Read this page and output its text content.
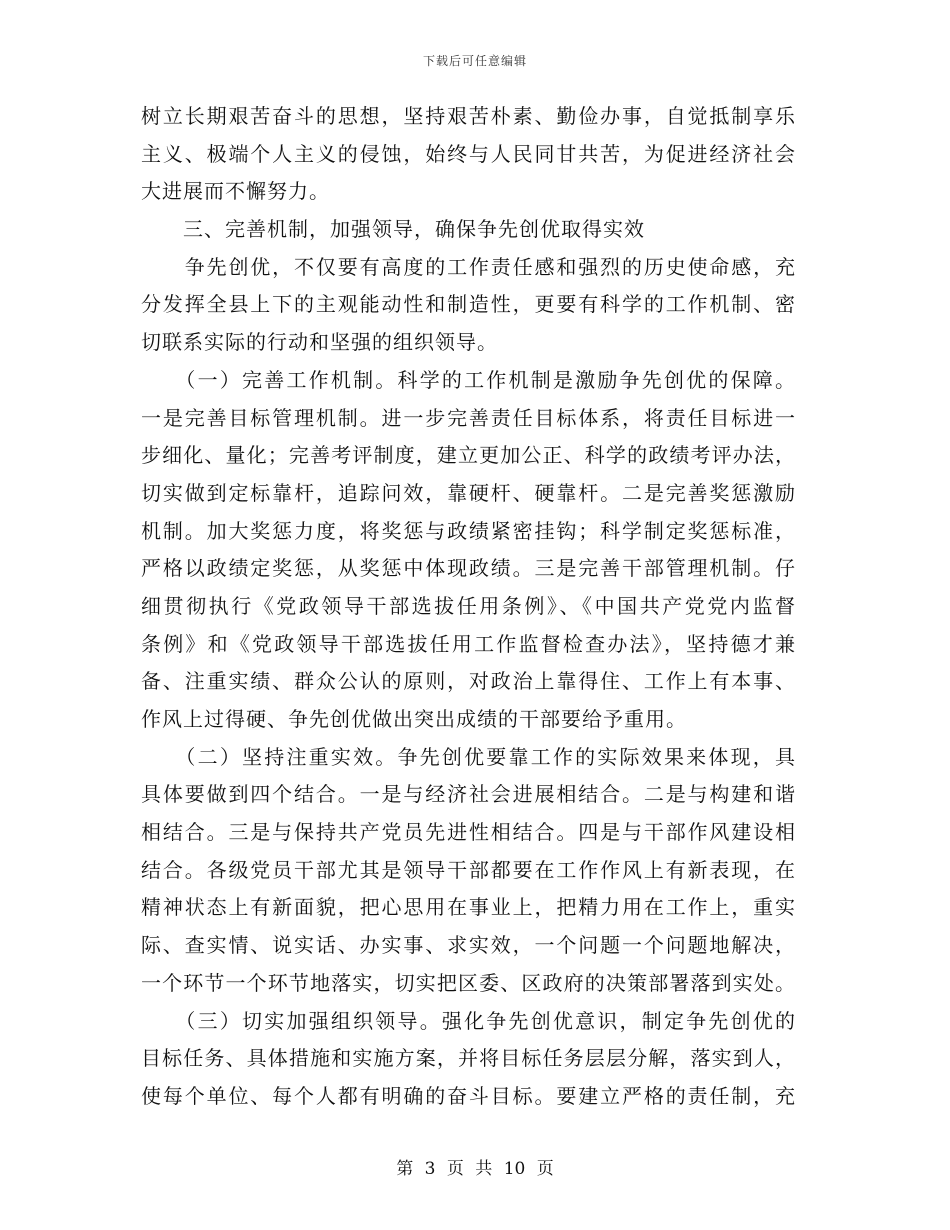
下载后可任意编辑
树立长期艰苦奋斗的思想，坚持艰苦朴素、勤俭办事，自觉抵制享乐
主义、极端个人主义的侵蚀，始终与人民同甘共苦，为促进经济社会
大进展而不懈努力。
　　三、完善机制，加强领导，确保争先创优取得实效
　　争先创优，不仅要有高度的工作责任感和强烈的历史使命感，充
分发挥全县上下的主观能动性和制造性，更要有科学的工作机制、密
切联系实际的行动和坚强的组织领导。
　　（一）完善工作机制。科学的工作机制是激励争先创优的保障。
一是完善目标管理机制。进一步完善责任目标体系，将责任目标进一
步细化、量化；完善考评制度，建立更加公正、科学的政绩考评办法，
切实做到定标靠杆，追踪问效，靠硬杆、硬靠杆。二是完善奖惩激励
机制。加大奖惩力度，将奖惩与政绩紧密挂钩；科学制定奖惩标准，
严格以政绩定奖惩，从奖惩中体现政绩。三是完善干部管理机制。仔
细贯彻执行《党政领导干部选拔任用条例》、《中国共产党党内监督
条例》和《党政领导干部选拔任用工作监督检查办法》，坚持德才兼
备、注重实绩、群众公认的原则，对政治上靠得住、工作上有本事、
作风上过得硬、争先创优做出突出成绩的干部要给予重用。
　　（二）坚持注重实效。争先创优要靠工作的实际效果来体现，具
具体要做到四个结合。一是与经济社会进展相结合。二是与构建和谐
相结合。三是与保持共产党员先进性相结合。四是与干部作风建设相
结合。各级党员干部尤其是领导干部都要在工作作风上有新表现，在
精神状态上有新面貌，把心思用在事业上，把精力用在工作上，重实
际、查实情、说实话、办实事、求实效，一个问题一个问题地解决，
一个环节一个环节地落实，切实把区委、区政府的决策部署落到实处。
　　（三）切实加强组织领导。强化争先创优意识，制定争先创优的
目标任务、具体措施和实施方案，并将目标任务层层分解，落实到人，
使每个单位、每个人都有明确的奋斗目标。要建立严格的责任制，充
第 3 页 共 10 页
